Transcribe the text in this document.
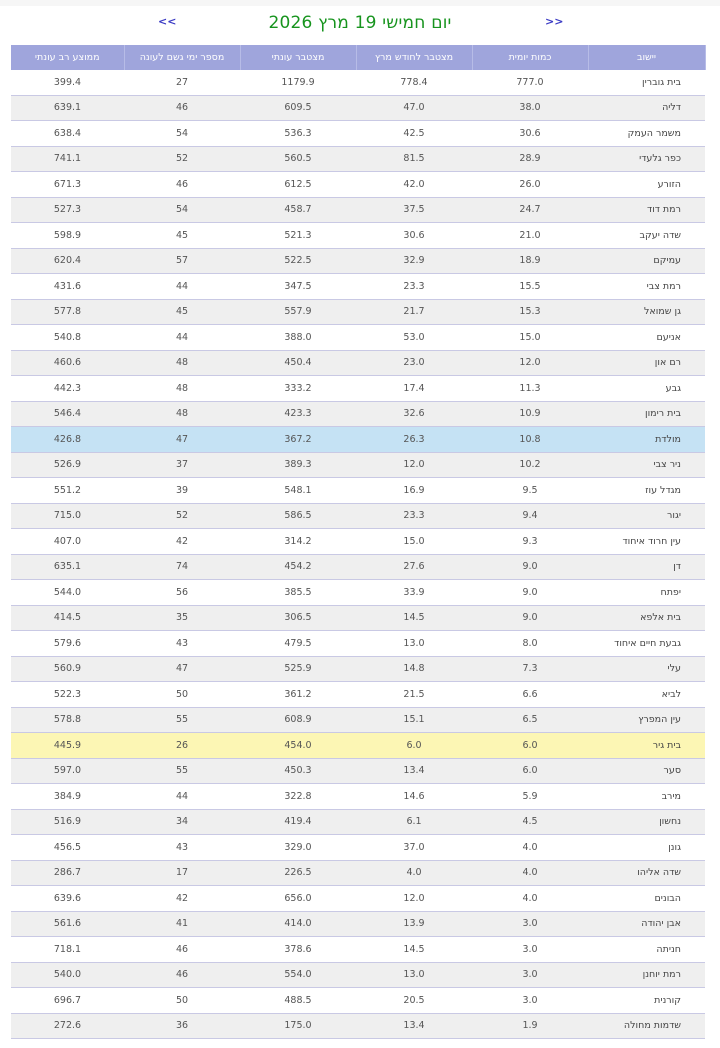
<<	יום חמישי 19 מרץ 2026	>>
יישוב	כמות יומית	מצטבר לחודש מרץ	מצטבר עונתי	מספר ימי גשם לעונה	ממוצע רב עונתי
בית גוברין	777.0	778.4	1179.9	27	399.4
דליה	38.0	47.0	609.5	46	639.1
משמר העמק	30.6	42.5	536.3	54	638.4
כפר גלעדי	28.9	81.5	560.5	52	741.1
הזורע	26.0	42.0	612.5	46	671.3
רמת דוד	24.7	37.5	458.7	54	527.3
שדה יעקב	21.0	30.6	521.3	45	598.9
עמיקם	18.9	32.9	522.5	57	620.4
רמת צבי	15.5	23.3	347.5	44	431.6
גן שמואל	15.3	21.7	557.9	45	577.8
אניעם	15.0	53.0	388.0	44	540.8
רם און	12.0	23.0	450.4	48	460.6
גבע	11.3	17.4	333.2	48	442.3
בית רימון	10.9	32.6	423.3	48	546.4
מולדת	10.8	26.3	367.2	47	426.8
ניר צבי	10.2	12.0	389.3	37	526.9
מגדל עוז	9.5	16.9	548.1	39	551.2
יגור	9.4	23.3	586.5	52	715.0
עין חרוד איחוד	9.3	15.0	314.2	42	407.0
דן	9.0	27.6	454.2	74	635.1
יפתח	9.0	33.9	385.5	56	544.0
בית אלפא	9.0	14.5	306.5	35	414.5
גבעת חיים איחוד	8.0	13.0	479.5	43	579.6
עלי	7.3	14.8	525.9	47	560.9
לביא	6.6	21.5	361.2	50	522.3
עין המפרץ	6.5	15.1	608.9	55	578.8
בית גיר	6.0	6.0	454.0	26	445.9
סער	6.0	13.4	450.3	55	597.0
מירב	5.9	14.6	322.8	44	384.9
נחשון	4.5	6.1	419.4	34	516.9
גונן	4.0	37.0	329.0	43	456.5
שדה אליהו	4.0	4.0	226.5	17	286.7
הבונים	4.0	12.0	656.0	42	639.6
אבן יהודה	3.0	13.9	414.0	41	561.6
חניתה	3.0	14.5	378.6	46	718.1
רמת יוחנן	3.0	13.0	554.0	46	540.0
קורנית	3.0	20.5	488.5	50	696.7
שדמות מחולה	1.9	13.4	175.0	36	272.6
